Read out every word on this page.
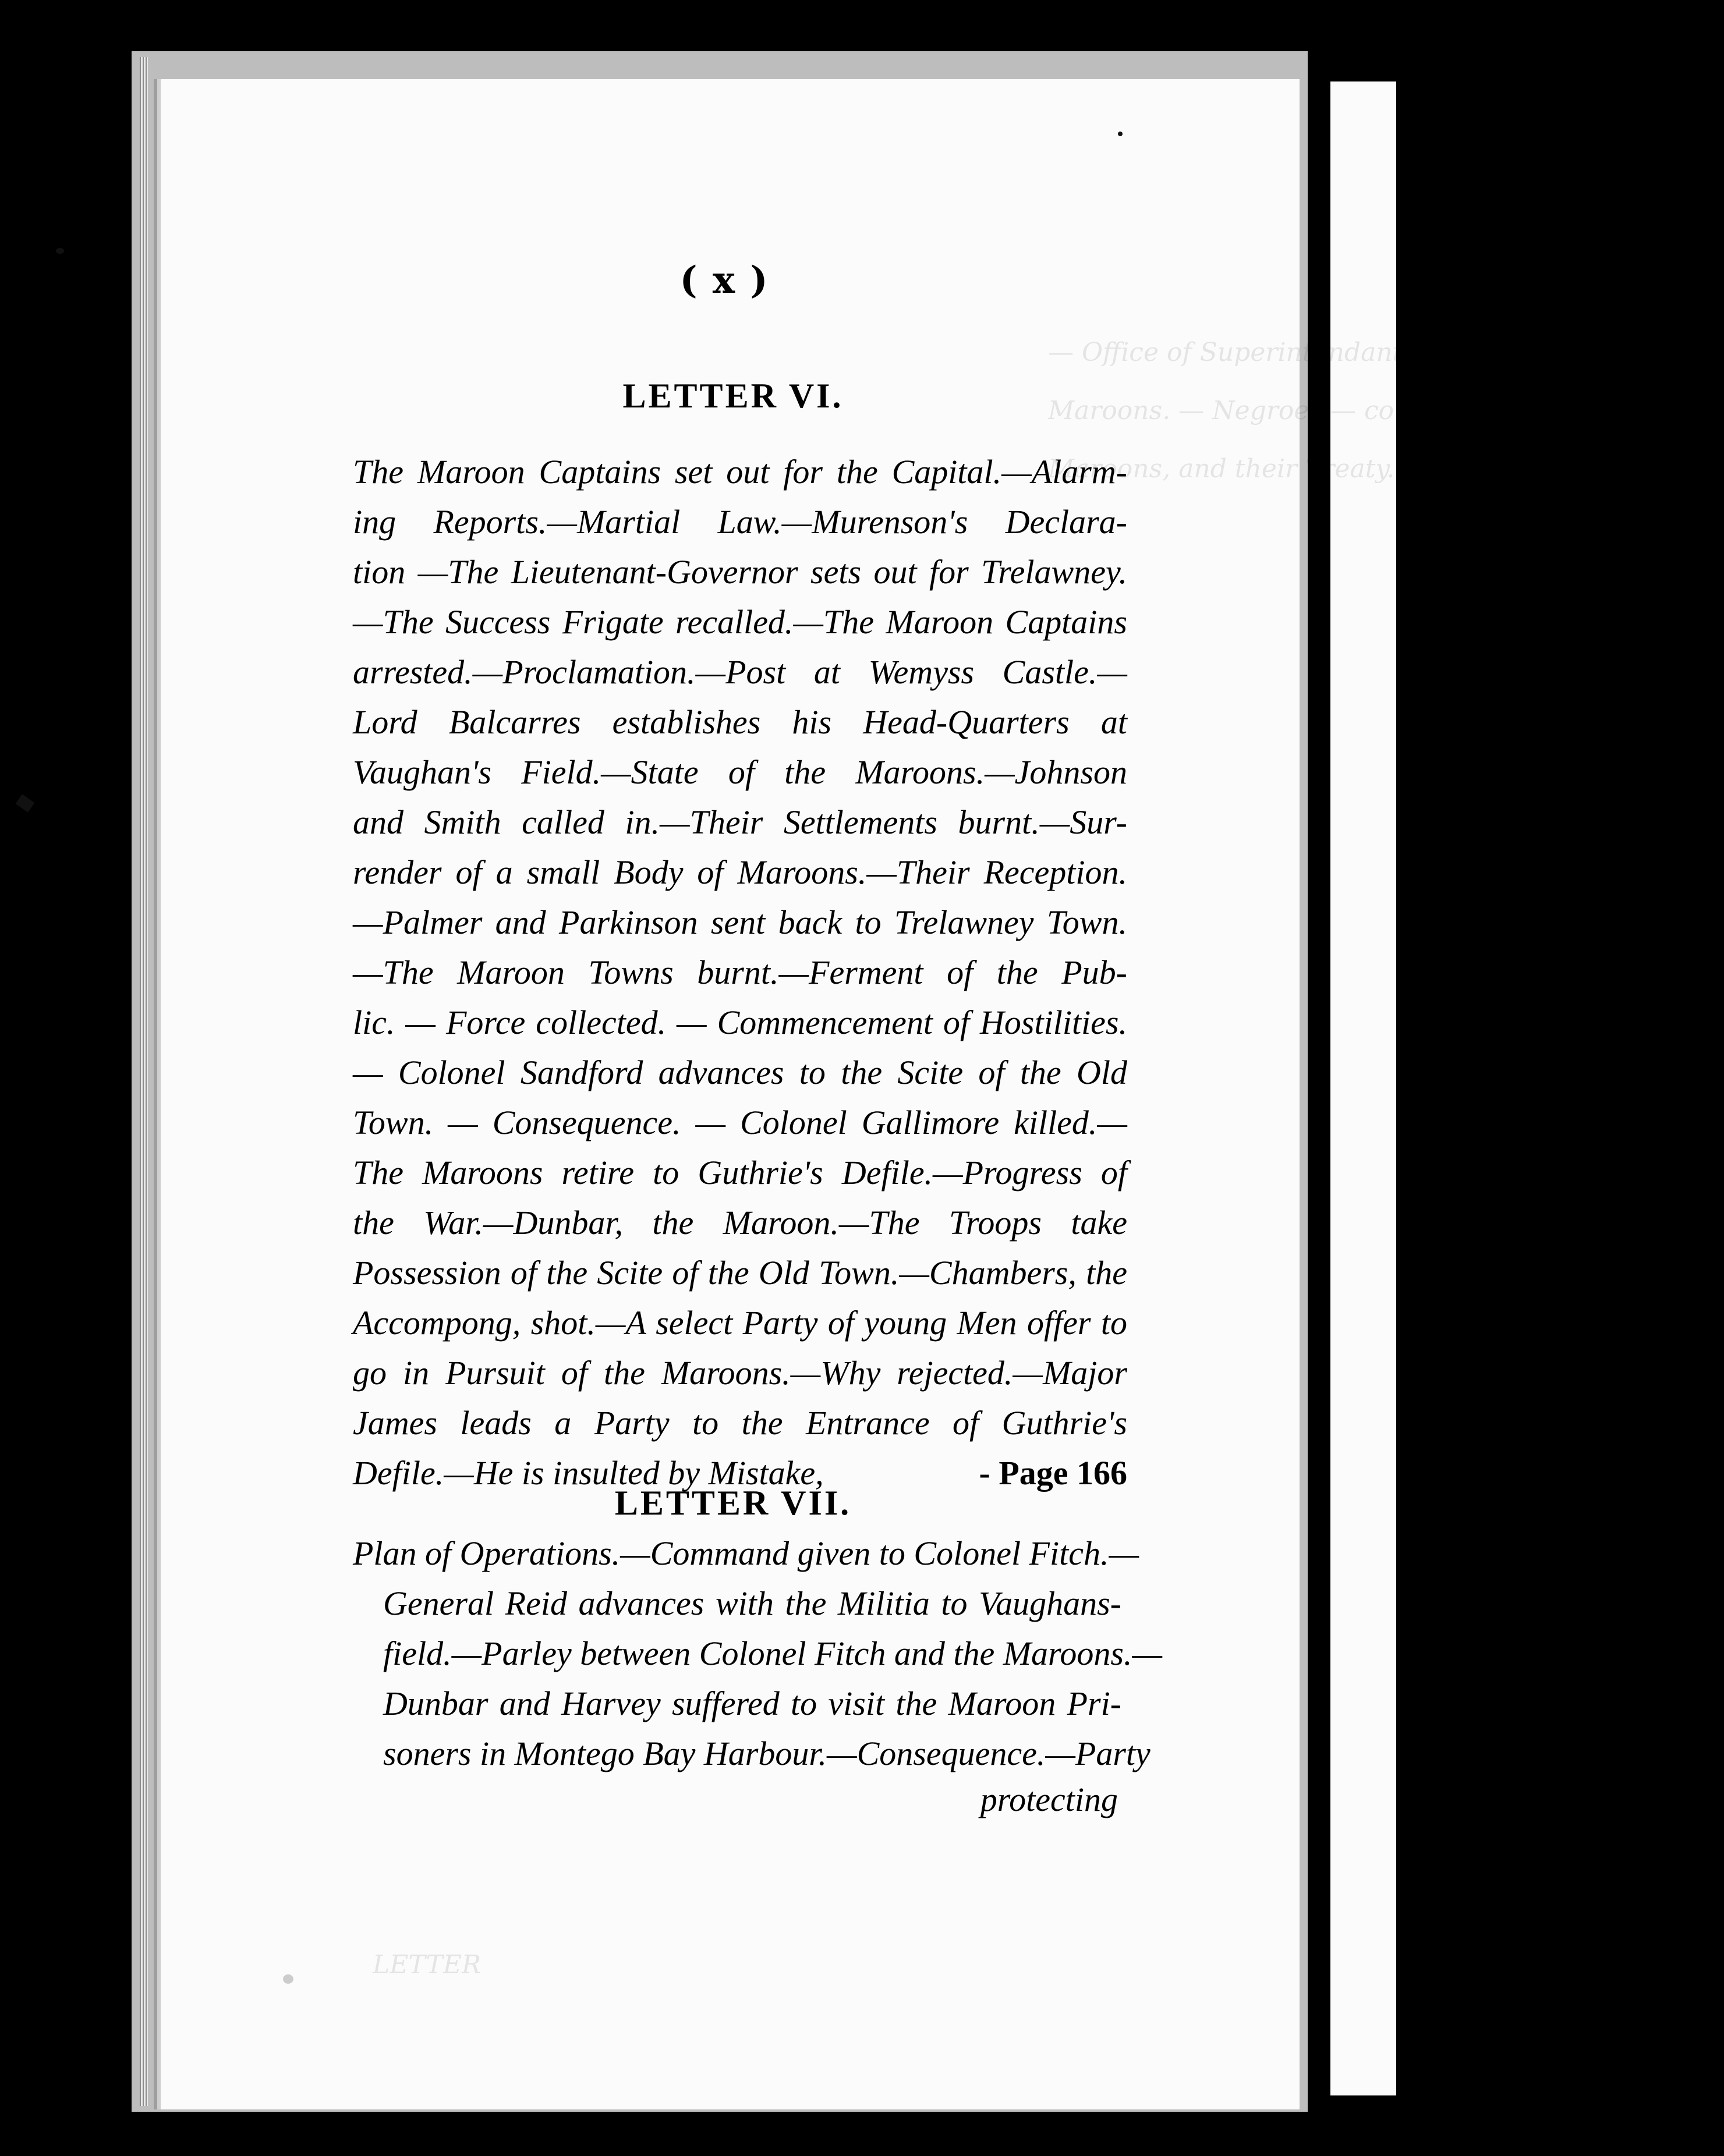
— Office of Superintendant. — Letter relative to the
Maroons. — Negroes — conduct of the
Maroons, and their Treaty.
LETTER
( x )
LETTER VI.
The Maroon Captains set out for the Capital.—Alarm-
ing Reports.—Martial Law.—Murenson's Declara-
tion —The Lieutenant-Governor sets out for Trelawney.
—The Success Frigate recalled.—The Maroon Captains
arrested.—Proclamation.—Post at Wemyss Castle.—
Lord Balcarres establishes his Head-Quarters at
Vaughan's Field.—State of the Maroons.—Johnson
and Smith called in.—Their Settlements burnt.—Sur-
render of a small Body of Maroons.—Their Reception.
—Palmer and Parkinson sent back to Trelawney Town.
—The Maroon Towns burnt.—Ferment of the Pub-
lic. — Force collected. — Commencement of Hostilities.
— Colonel Sandford advances to the Scite of the Old
Town. — Consequence. — Colonel Gallimore killed.—
The Maroons retire to Guthrie's Defile.—Progress of
the War.—Dunbar, the Maroon.—The Troops take
Possession of the Scite of the Old Town.—Chambers, the
Accompong, shot.—A select Party of young Men offer to
go in Pursuit of the Maroons.—Why rejected.—Major
James leads a Party to the Entrance of Guthrie's
Defile.—He is insulted by Mistake,	- Page 166
LETTER VII.
Plan of Operations.—Command given to Colonel Fitch.—
General Reid advances with the Militia to Vaughans-
field.—Parley between Colonel Fitch and the Maroons.—
Dunbar and Harvey suffered to visit the Maroon Pri-
soners in Montego Bay Harbour.—Consequence.—Party
protecting
